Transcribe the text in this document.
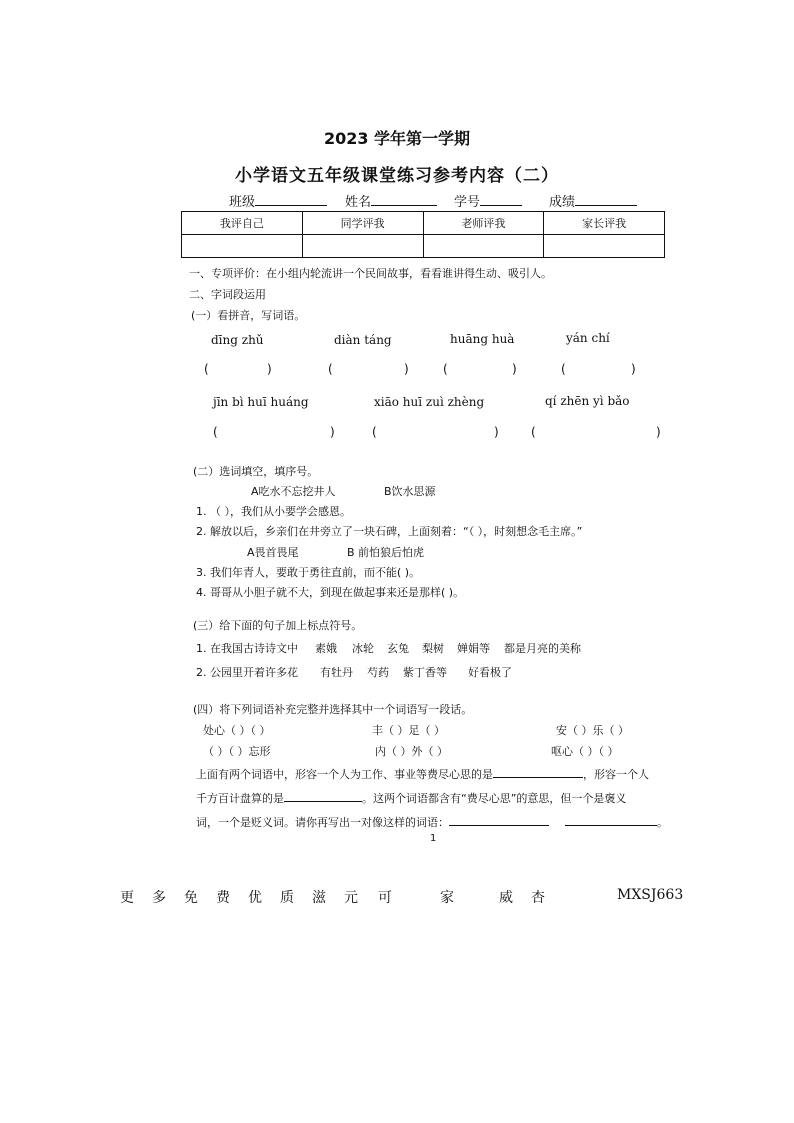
2023 学年第一学期
小学语文五年级课堂练习参考内容（二）
班级	姓名	学号	成绩
我评自己	同学评我	老师评我	家长评我

一、专项评价：在小组内轮流讲一个民间故事，看看谁讲得生动、吸引人。
二、字词段运用
(一）看拼音，写词语。
dīng zhǔ	diàn táng	huāng huà	yán chí
(	)	(	)	(	)	(	)
jīn bì huī huáng	xiāo huī zuì zhèng	qí zhēn yì bǎo
(	)	(	)	(	)
(二）选词填空，填序号。
A吃水不忘挖井人	B饮水思源
1. （ ），我们从小要学会感恩。
2. 解放以后，乡亲们在井旁立了一块石碑，上面刻着：“（ ），时刻想念毛主席。”
A畏首畏尾	B 前怕狼后怕虎
3. 我们年青人，要敢于勇往直前，而不能( )。
4. 哥哥从小胆子就不大，到现在做起事来还是那样( )。
(三）给下面的句子加上标点符号。
1. 在我国古诗诗文中 素娥 冰轮 玄兔 梨树 婵娟等 都是月亮的美称
2. 公园里开着许多花 有牡丹 芍药 紫丁香等 好看极了
(四）将下列词语补充完整并选择其中一个词语写一段话。
处心（ ）（ ）	丰（ ）足（ ）	安（ ）乐（ ）
（ ）（ ）忘形	内（ ）外（ ）	呕心（ ）（ ）
上面有两个词语中，形容一个人为工作、事业等费尽心思的是	，形容一个人
千方百计盘算的是	。这两个词语都含有“费尽心思”的意思，但一个是褒义
词，一个是贬义词。请你再写出一对像这样的词语：	。
1
更 多 免 费 优 质 滋 元 可	家	威 杏	MXSJ663
